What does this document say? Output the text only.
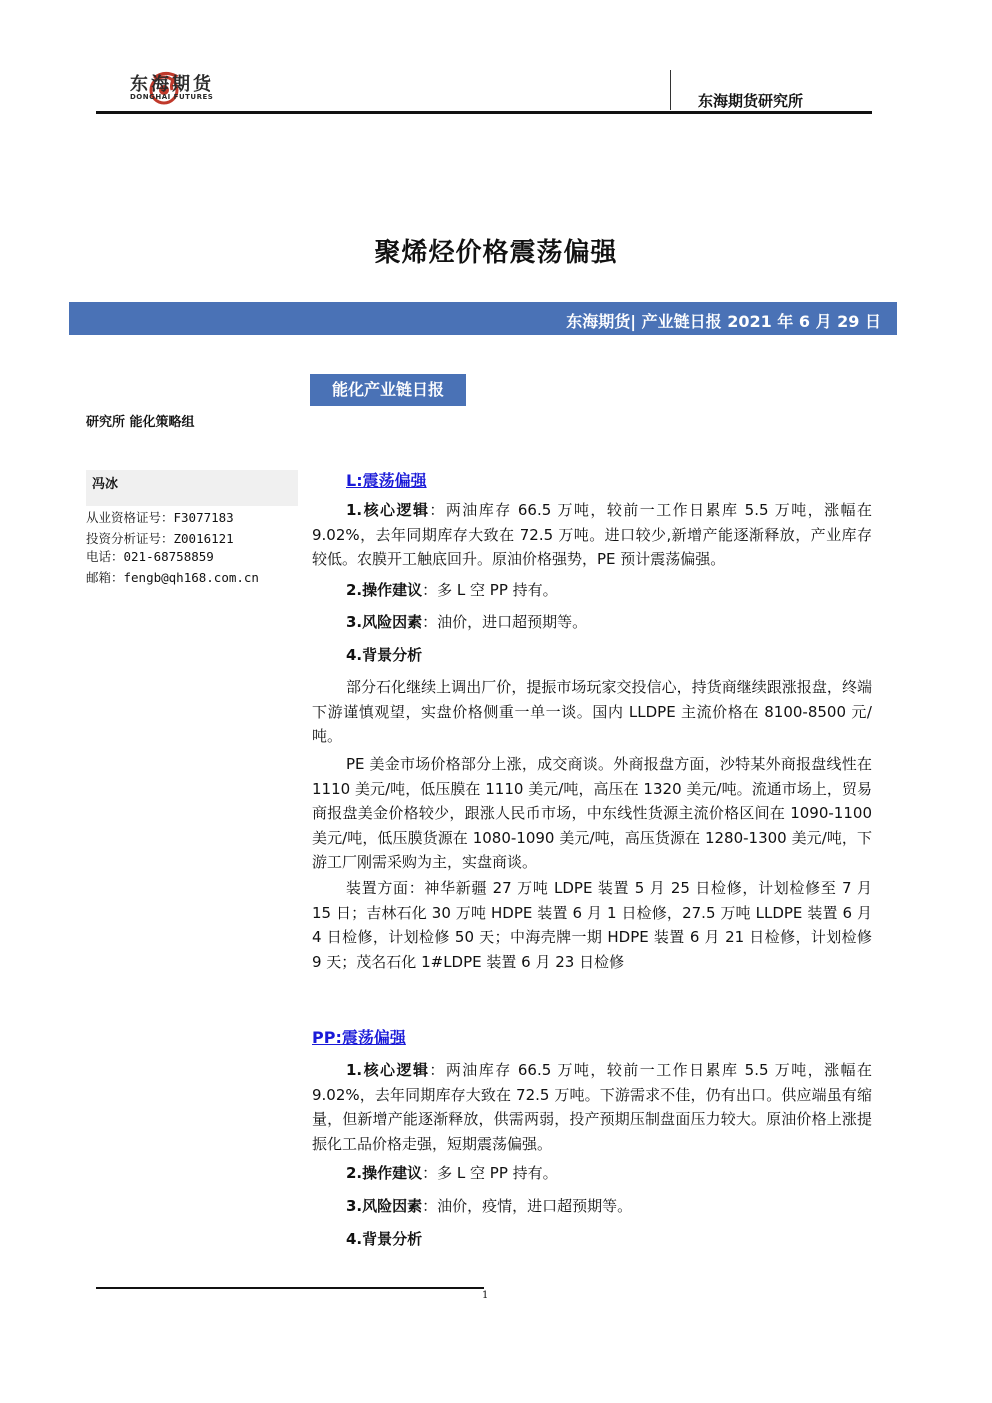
东海期货
DONGHAI FUTURES	东海期货研究所
聚烯烃价格震荡偏强
东海期货| 产业链日报 2021 年 6 月 29 日
能化产业链日报
研究所 能化策略组
冯冰
从业资格证号：F3077183
投资分析证号：Z0016121
电话：021-68758859
邮箱：fengb@qh168.com.cn
L:震荡偏强
1.核心逻辑：两油库存 66.5 万吨，较前一工作日累库 5.5 万吨，涨幅在 9.02%，去年同期库存大致在 72.5 万吨。进口较少,新增产能逐渐释放，产业库存较低。农膜开工触底回升。原油价格强势，PE 预计震荡偏强。
2.操作建议：多 L 空 PP 持有。
3.风险因素：油价，进口超预期等。
4.背景分析
部分石化继续上调出厂价，提振市场玩家交投信心，持货商继续跟涨报盘，终端下游谨慎观望，实盘价格侧重一单一谈。国内 LLDPE 主流价格在 8100-8500 元/吨。
PE 美金市场价格部分上涨，成交商谈。外商报盘方面，沙特某外商报盘线性在 1110 美元/吨，低压膜在 1110 美元/吨，高压在 1320 美元/吨。流通市场上，贸易商报盘美金价格较少，跟涨人民币市场，中东线性货源主流价格区间在 1090-1100 美元/吨，低压膜货源在 1080-1090 美元/吨，高压货源在 1280-1300 美元/吨，下游工厂刚需采购为主，实盘商谈。
装置方面：神华新疆 27 万吨 LDPE 装置 5 月 25 日检修，计划检修至 7 月 15 日；吉林石化 30 万吨 HDPE 装置 6 月 1 日检修，27.5 万吨 LLDPE 装置 6 月 4 日检修，计划检修 50 天；中海壳牌一期 HDPE 装置 6 月 21 日检修，计划检修 9 天；茂名石化 1#LDPE 装置 6 月 23 日检修
PP:震荡偏强
1.核心逻辑：两油库存 66.5 万吨，较前一工作日累库 5.5 万吨，涨幅在 9.02%，去年同期库存大致在 72.5 万吨。下游需求不佳，仍有出口。供应端虽有缩量，但新增产能逐渐释放，供需两弱，投产预期压制盘面压力较大。原油价格上涨提振化工品价格走强，短期震荡偏强。
2.操作建议：多 L 空 PP 持有。
3.风险因素：油价，疫情，进口超预期等。
4.背景分析
1
